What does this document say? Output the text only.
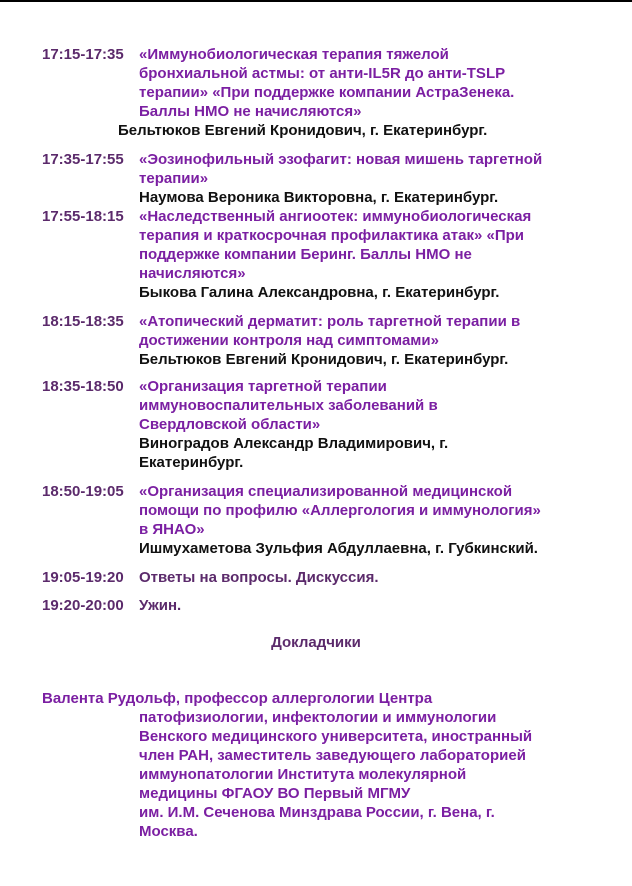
17:15-17:35 «Иммунобиологическая терапия тяжелой
бронхиальной астмы: от анти-IL5R до анти-TSLP
терапии» «При поддержке компании АстраЗенека.
Баллы НМО не начисляются»
Бельтюков Евгений Кронидович, г. Екатеринбург.
17:35-17:55 «Эозинофильный эзофагит: новая мишень таргетной
терапии»
Наумова Вероника Викторовна, г. Екатеринбург.
17:55-18:15 «Наследственный ангиоотек: иммунобиологическая
терапия и краткосрочная профилактика атак» «При
поддержке компании Беринг. Баллы НМО не
начисляются»
Быкова Галина Александровна, г. Екатеринбург.
18:15-18:35 «Атопический дерматит: роль таргетной терапии в
достижении контроля над симптомами»
Бельтюков Евгений Кронидович, г. Екатеринбург.
18:35-18:50 «Организация таргетной терапии
иммуновоспалительных заболеваний в
Свердловской области»
Виноградов Александр Владимирович, г.
Екатеринбург.
18:50-19:05 «Организация специализированной медицинской
помощи по профилю «Аллергология и иммунология»
в ЯНАО»
Ишмухаметова Зульфия Абдуллаевна, г. Губкинский.
19:05-19:20 Ответы на вопросы. Дискуссия.
19:20-20:00 Ужин.
Докладчики
Валента Рудольф, профессор аллергологии Центра
патофизиологии, инфектологии и иммунологии
Венского медицинского университета, иностранный
член РАН, заместитель заведующего лабораторией
иммунопатологии Института молекулярной
медицины ФГАОУ ВО Первый МГМУ
им. И.М. Сеченова Минздрава России, г. Вена, г.
Москва.
